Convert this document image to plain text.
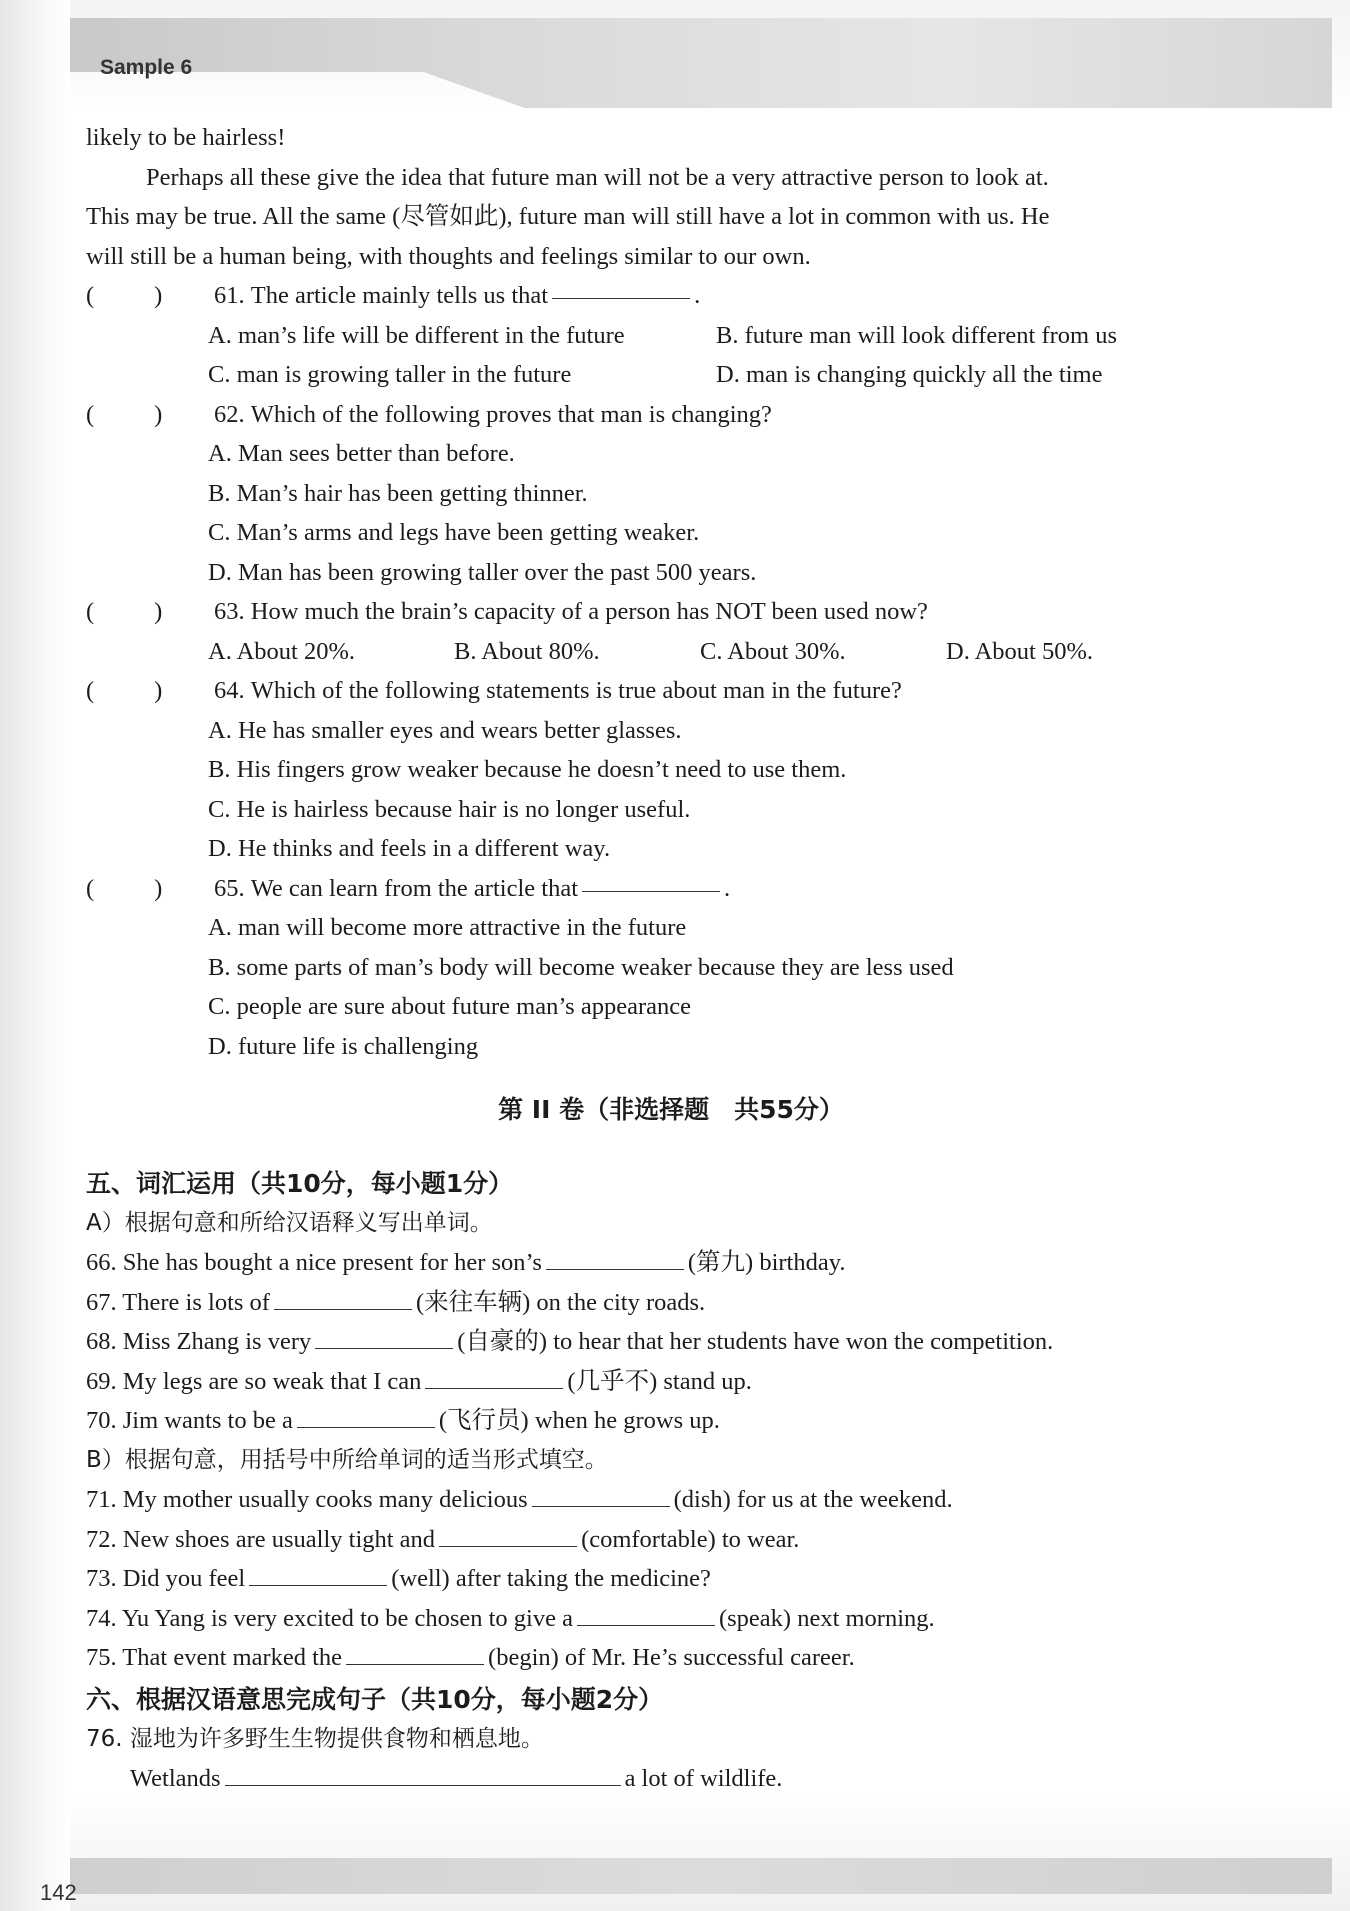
Sample 6
likely to be hairless!
Perhaps all these give the idea that future man will not be a very attractive person to look at.
This may be true. All the same (尽管如此), future man will still have a lot in common with us. He
will still be a human being, with thoughts and feelings similar to our own.
( )	61.
The article mainly tells us that	.
A. man’s life will be different in the future	B. future man will look different from us
C. man is growing taller in the future	D. man is changing quickly all the time
( )	62.
Which of the following proves that man is changing?
A. Man sees better than before.
B. Man’s hair has been getting thinner.
C. Man’s arms and legs have been getting weaker.
D. Man has been growing taller over the past 500 years.
( )	63.
How much the brain’s capacity of a person has NOT been used now?
A. About 20%.	B. About 80%.	C. About 30%.	D. About 50%.
( )	64.
Which of the following statements is true about man in the future?
A. He has smaller eyes and wears better glasses.
B. His fingers grow weaker because he doesn’t need to use them.
C. He is hairless because hair is no longer useful.
D. He thinks and feels in a different way.
( )	65.
We can learn from the article that	.
A. man will become more attractive in the future
B. some parts of man’s body will become weaker because they are less used
C. people are sure about future man’s appearance
D. future life is challenging
第 II 卷（非选择题　共55分）
五、词汇运用（共10分，每小题1分）
A）根据句意和所给汉语释义写出单词。
66. She has bought a nice present for her son’s	(第九) birthday.
67. There is lots of	(来往车辆) on the city roads.
68. Miss Zhang is very	(自豪的) to hear that her students have won the competition.
69. My legs are so weak that I can	(几乎不) stand up.
70. Jim wants to be a	(飞行员) when he grows up.
B）根据句意，用括号中所给单词的适当形式填空。
71. My mother usually cooks many delicious	(dish) for us at the weekend.
72. New shoes are usually tight and	(comfortable) to wear.
73. Did you feel	(well) after taking the medicine?
74. Yu Yang is very excited to be chosen to give a	(speak) next morning.
75. That event marked the	(begin) of Mr. He’s successful career.
六、根据汉语意思完成句子（共10分，每小题2分）
76. 湿地为许多野生生物提供食物和栖息地。
Wetlands	a lot of wildlife.
142
